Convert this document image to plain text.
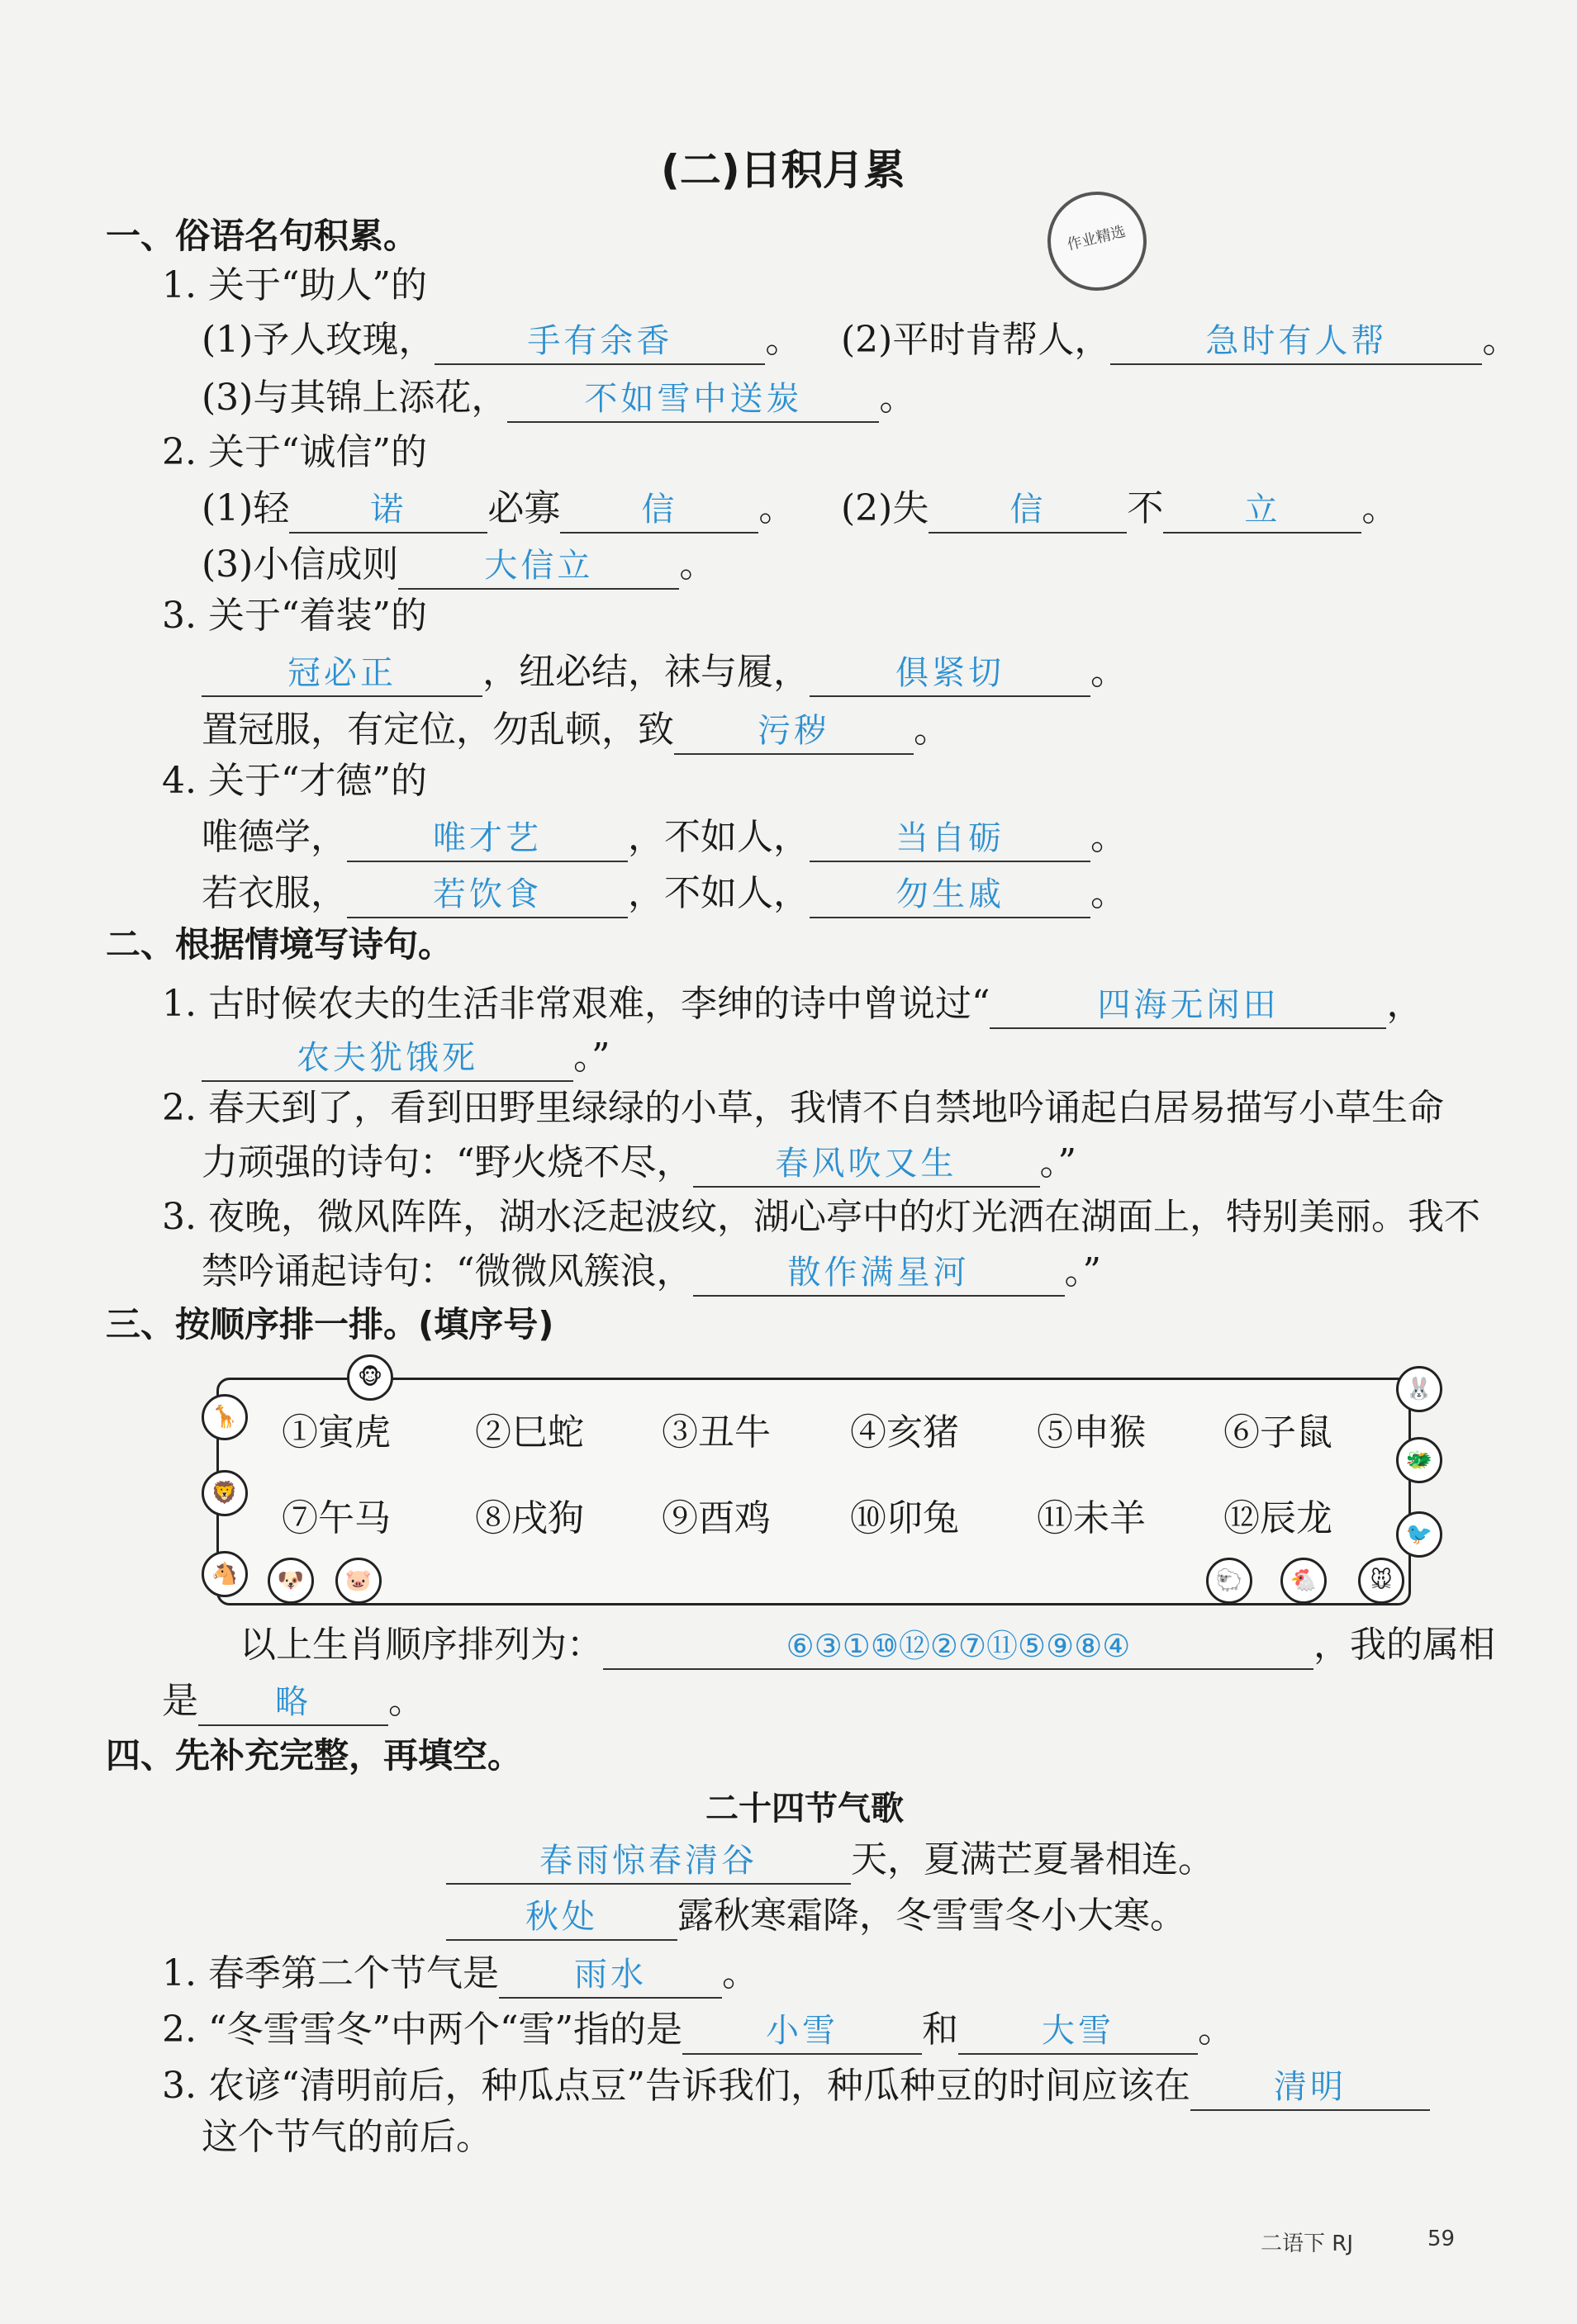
(二)日积月累
作业精选
一、俗语名句积累。
1. 关于“助人”的
(1)予人玫瑰，	手有余香	。 (2)平时肯帮人，	急时有人帮	。
(3)与其锦上添花， 不如雪中送炭 。
2. 关于“诚信”的
(1)轻 诺 必寡 信 。 (2)失 信 不 立 。
(3)小信成则	大信立 。
3. 关于“着装”的
冠必正 ，纽必结，袜与履，	俱紧切 。
置冠服，有定位，勿乱顿，致	污秽 。
4. 关于“才德”的
唯德学，	唯才艺 ，不如人，	当自砺 。
若衣服，	若饮食 ，不如人，	勿生戚 。
二、根据情境写诗句。
1. 古时候农夫的生活非常艰难，李绅的诗中曾说过“	四海无闲田	，
农夫犹饿死	。”
2. 春天到了，看到田野里绿绿的小草，我情不自禁地吟诵起白居易描写小草生命
力顽强的诗句：“野火烧不尽，	春风吹又生 。”
3. 夜晚，微风阵阵，湖水泛起波纹，湖心亭中的灯光洒在湖面上，特别美丽。我不
禁吟诵起诗句：“微微风簇浪，	散作满星河	。”
三、按顺序排一排。(填序号)
①寅虎 ②巳蛇 ③丑牛 ④亥猪 ⑤申猴 ⑥子鼠
⑦午马 ⑧戌狗 ⑨酉鸡 ⑩卯兔 ⑪未羊 ⑫辰龙
🦒
🦁
🐴	🐶	🐷
🐵	🐰
🐲
🐦
🐑	🐔	🐭
以上生肖顺序排列为：	⑥③①⑩⑫②⑦⑪⑤⑨⑧④	，我的属相
是 略 。
四、先补充完整，再填空。
二十四节气歌
春雨惊春清谷	天，夏满芒夏暑相连。
秋处 露秋寒霜降，冬雪雪冬小大寒。
1. 春季第二个节气是 雨水 。
2. “冬雪雪冬”中两个“雪”指的是	小雪 和	大雪 。
3. 农谚“清明前后，种瓜点豆”告诉我们，种瓜种豆的时间应该在	清明
这个节气的前后。
二语下 RJ	59
